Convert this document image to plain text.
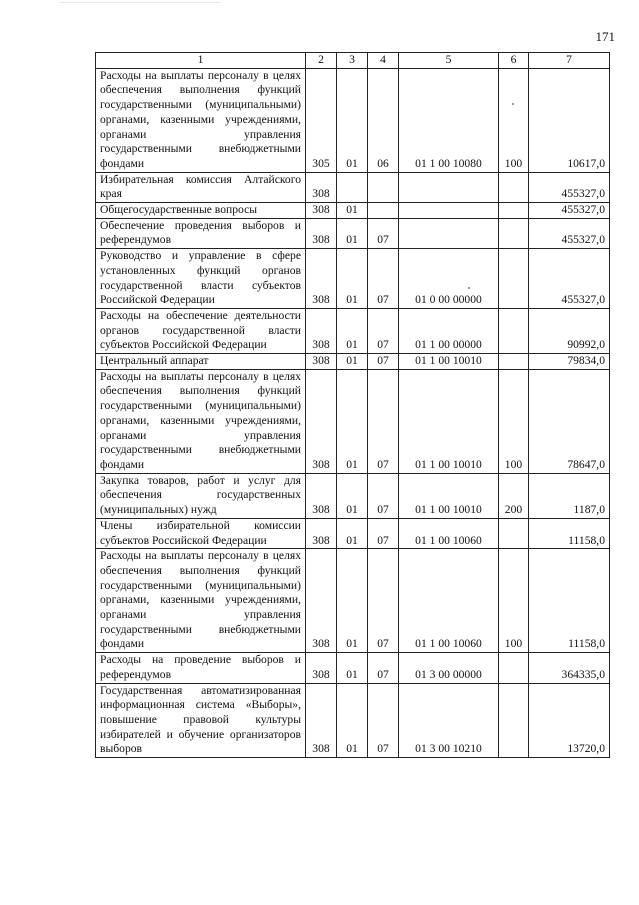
171
1	2	3	4	5	6	7
Расходы на выплаты персоналу в целях обеспечения выполнения функций государственными (муниципальными) органами, казенными учреждениями, органами управления государственными внебюджетными фондами	305	01	06	01 1 00 10080	100	10617,0
Избирательная комиссия Алтайского края	308					455327,0
Общегосударственные вопросы	308	01				455327,0
Обеспечение проведения выборов и референдумов	308	01	07			455327,0
Руководство и управление в сфере установленных функций органов государственной власти субъектов Российской Федерации	308	01	07	01 0 00 00000		455327,0
Расходы на обеспечение деятельности органов государственной власти субъектов Российской Федерации	308	01	07	01 1 00 00000		90992,0
Центральный аппарат	308	01	07	01 1 00 10010		79834,0
Расходы на выплаты персоналу в целях обеспечения выполнения функций государственными (муниципальными) органами, казенными учреждениями, органами управления государственными внебюджетными фондами	308	01	07	01 1 00 10010	100	78647,0
Закупка товаров, работ и услуг для обеспечения государственных (муниципальных) нужд	308	01	07	01 1 00 10010	200	1187,0
Члены избирательной комиссии субъектов Российской Федерации	308	01	07	01 1 00 10060		11158,0
Расходы на выплаты персоналу в целях обеспечения выполнения функций государственными (муниципальными) органами, казенными учреждениями, органами управления государственными внебюджетными фондами	308	01	07	01 1 00 10060	100	11158,0
Расходы на проведение выборов и референдумов	308	01	07	01 3 00 00000		364335,0
Государственная автоматизированная информационная система «Выборы», повышение правовой культуры избирателей и обучение организаторов выборов	308	01	07	01 3 00 10210		13720,0
